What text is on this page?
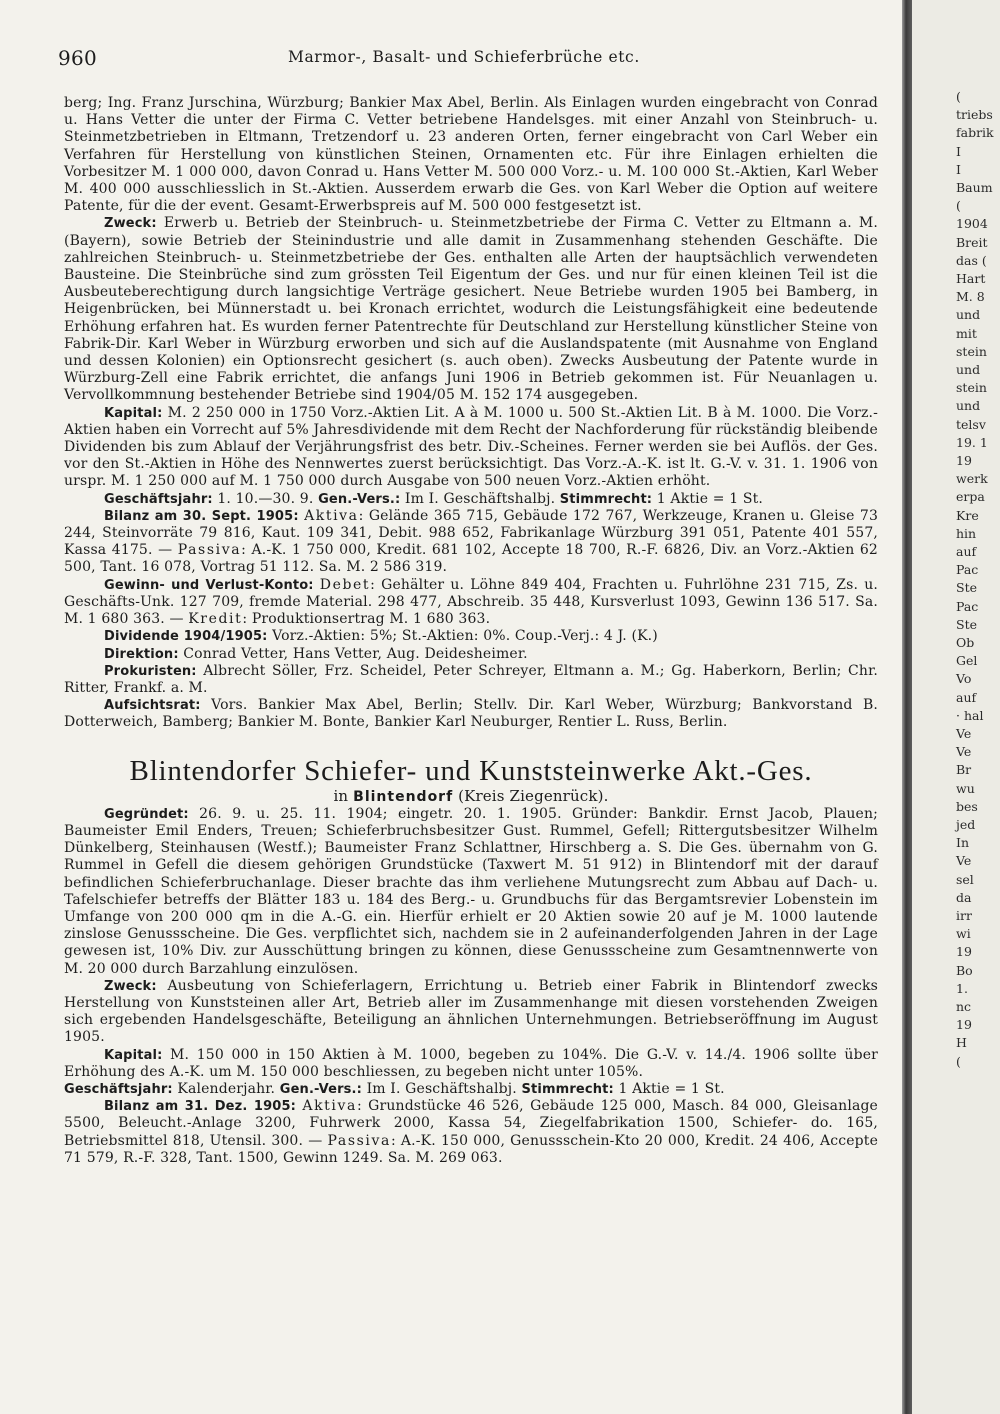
960	Marmor-, Basalt- und Schieferbrüche etc.

berg; Ing. Franz Jurschina, Würzburg; Bankier Max Abel, Berlin. Als Einlagen wurden eingebracht von Conrad u. Hans Vetter die unter der Firma C. Vetter betriebene Handelsges. mit einer Anzahl von Steinbruch- u. Steinmetzbetrieben in Eltmann, Tretzendorf u. 23 anderen Orten, ferner eingebracht von Carl Weber ein Verfahren für Herstellung von künstlichen Steinen, Ornamenten etc. Für ihre Einlagen erhielten die Vorbesitzer M. 1 000 000, davon Conrad u. Hans Vetter M. 500 000 Vorz.- u. M. 100 000 St.-Aktien, Karl Weber M. 400 000 ausschliesslich in St.-Aktien. Ausserdem erwarb die Ges. von Karl Weber die Option auf weitere Patente, für die der event. Gesamt-Erwerbspreis auf M. 500 000 festgesetzt ist.

Zweck: Erwerb u. Betrieb der Steinbruch- u. Steinmetzbetriebe der Firma C. Vetter zu Eltmann a. M. (Bayern), sowie Betrieb der Steinindustrie und alle damit in Zusammenhang stehenden Geschäfte. Die zahlreichen Steinbruch- u. Steinmetzbetriebe der Ges. enthalten alle Arten der hauptsächlich verwendeten Bausteine. Die Steinbrüche sind zum grössten Teil Eigentum der Ges. und nur für einen kleinen Teil ist die Ausbeuteberechtigung durch langsichtige Verträge gesichert. Neue Betriebe wurden 1905 bei Bamberg, in Heigenbrücken, bei Münnerstadt u. bei Kronach errichtet, wodurch die Leistungsfähigkeit eine bedeutende Erhöhung erfahren hat. Es wurden ferner Patentrechte für Deutschland zur Herstellung künstlicher Steine von Fabrik-Dir. Karl Weber in Würzburg erworben und sich auf die Auslandspatente (mit Ausnahme von England und dessen Kolonien) ein Optionsrecht gesichert (s. auch oben). Zwecks Ausbeutung der Patente wurde in Würzburg-Zell eine Fabrik errichtet, die anfangs Juni 1906 in Betrieb gekommen ist. Für Neuanlagen u. Vervollkommnung bestehender Betriebe sind 1904/05 M. 152 174 ausgegeben.

Kapital: M. 2 250 000 in 1750 Vorz.-Aktien Lit. A à M. 1000 u. 500 St.-Aktien Lit. B à M. 1000. Die Vorz.-Aktien haben ein Vorrecht auf 5% Jahresdividende mit dem Recht der Nachforderung für rückständig bleibende Dividenden bis zum Ablauf der Verjährungsfrist des betr. Div.-Scheines. Ferner werden sie bei Auflös. der Ges. vor den St.-Aktien in Höhe des Nennwertes zuerst berücksichtigt. Das Vorz.-A.-K. ist lt. G.-V. v. 31. 1. 1906 von urspr. M. 1 250 000 auf M. 1 750 000 durch Ausgabe von 500 neuen Vorz.-Aktien erhöht.

Geschäftsjahr: 1. 10.—30. 9. Gen.-Vers.: Im I. Geschäftshalbj. Stimmrecht: 1 Aktie = 1 St.

Bilanz am 30. Sept. 1905: Aktiva: Gelände 365 715, Gebäude 172 767, Werkzeuge, Kranen u. Gleise 73 244, Steinvorräte 79 816, Kaut. 109 341, Debit. 988 652, Fabrikanlage Würzburg 391 051, Patente 401 557, Kassa 4175. — Passiva: A.-K. 1 750 000, Kredit. 681 102, Accepte 18 700, R.-F. 6826, Div. an Vorz.-Aktien 62 500, Tant. 16 078, Vortrag 51 112. Sa. M. 2 586 319.

Gewinn- und Verlust-Konto: Debet: Gehälter u. Löhne 849 404, Frachten u. Fuhrlöhne 231 715, Zs. u. Geschäfts-Unk. 127 709, fremde Material. 298 477, Abschreib. 35 448, Kursverlust 1093, Gewinn 136 517. Sa. M. 1 680 363. — Kredit: Produktionsertrag M. 1 680 363.

Dividende 1904/1905: Vorz.-Aktien: 5%; St.-Aktien: 0%. Coup.-Verj.: 4 J. (K.)

Direktion: Conrad Vetter, Hans Vetter, Aug. Deidesheimer.

Prokuristen: Albrecht Söller, Frz. Scheidel, Peter Schreyer, Eltmann a. M.; Gg. Haberkorn, Berlin; Chr. Ritter, Frankf. a. M.

Aufsichtsrat: Vors. Bankier Max Abel, Berlin; Stellv. Dir. Karl Weber, Würzburg; Bankvorstand B. Dotterweich, Bamberg; Bankier M. Bonte, Bankier Karl Neuburger, Rentier L. Russ, Berlin.

Blintendorfer Schiefer- und Kunststeinwerke Akt.-Ges.

in Blintendorf (Kreis Ziegenrück).

Gegründet: 26. 9. u. 25. 11. 1904; eingetr. 20. 1. 1905. Gründer: Bankdir. Ernst Jacob, Plauen; Baumeister Emil Enders, Treuen; Schieferbruchsbesitzer Gust. Rummel, Gefell; Rittergutsbesitzer Wilhelm Dünkelberg, Steinhausen (Westf.); Baumeister Franz Schlattner, Hirschberg a. S. Die Ges. übernahm von G. Rummel in Gefell die diesem gehörigen Grundstücke (Taxwert M. 51 912) in Blintendorf mit der darauf befindlichen Schieferbruchanlage. Dieser brachte das ihm verliehene Mutungsrecht zum Abbau auf Dach- u. Tafelschiefer betreffs der Blätter 183 u. 184 des Berg.- u. Grundbuchs für das Bergamtsrevier Lobenstein im Umfange von 200 000 qm in die A.-G. ein. Hierfür erhielt er 20 Aktien sowie 20 auf je M. 1000 lautende zinslose Genussscheine. Die Ges. verpflichtet sich, nachdem sie in 2 aufeinanderfolgenden Jahren in der Lage gewesen ist, 10% Div. zur Ausschüttung bringen zu können, diese Genussscheine zum Gesamtnennwerte von M. 20 000 durch Barzahlung einzulösen.

Zweck: Ausbeutung von Schieferlagern, Errichtung u. Betrieb einer Fabrik in Blintendorf zwecks Herstellung von Kunststeinen aller Art, Betrieb aller im Zusammenhange mit diesen vorstehenden Zweigen sich ergebenden Handelsgeschäfte, Beteiligung an ähnlichen Unternehmungen. Betriebseröffnung im August 1905.

Kapital: M. 150 000 in 150 Aktien à M. 1000, begeben zu 104%. Die G.-V. v. 14./4. 1906 sollte über Erhöhung des A.-K. um M. 150 000 beschliessen, zu begeben nicht unter 105%.

Geschäftsjahr: Kalenderjahr. Gen.-Vers.: Im I. Geschäftshalbj. Stimmrecht: 1 Aktie = 1 St.

Bilanz am 31. Dez. 1905: Aktiva: Grundstücke 46 526, Gebäude 125 000, Masch. 84 000, Gleisanlage 5500, Beleucht.-Anlage 3200, Fuhrwerk 2000, Kassa 54, Ziegelfabrikation 1500, Schiefer- do. 165, Betriebsmittel 818, Utensil. 300. — Passiva: A.-K. 150 000, Genussschein-Kto 20 000, Kredit. 24 406, Accepte 71 579, R.-F. 328, Tant. 1500, Gewinn 1249. Sa. M. 269 063.

(
triebs
fabrik
I
I
Baum
(
1904
Breit
das (
Hart
M. 8
und
mit
stein
und
stein
und
telsv
19. 1
19
werk
erpa
Kre
hin
auf
Pac
Ste
Pac
Ste
Ob
Gel
Vo
auf
· hal
Ve
Ve
Br
wu
bes
jed
In
Ve
sel
da
irr
wi
19
Bo
1.
nc
19
H
(
